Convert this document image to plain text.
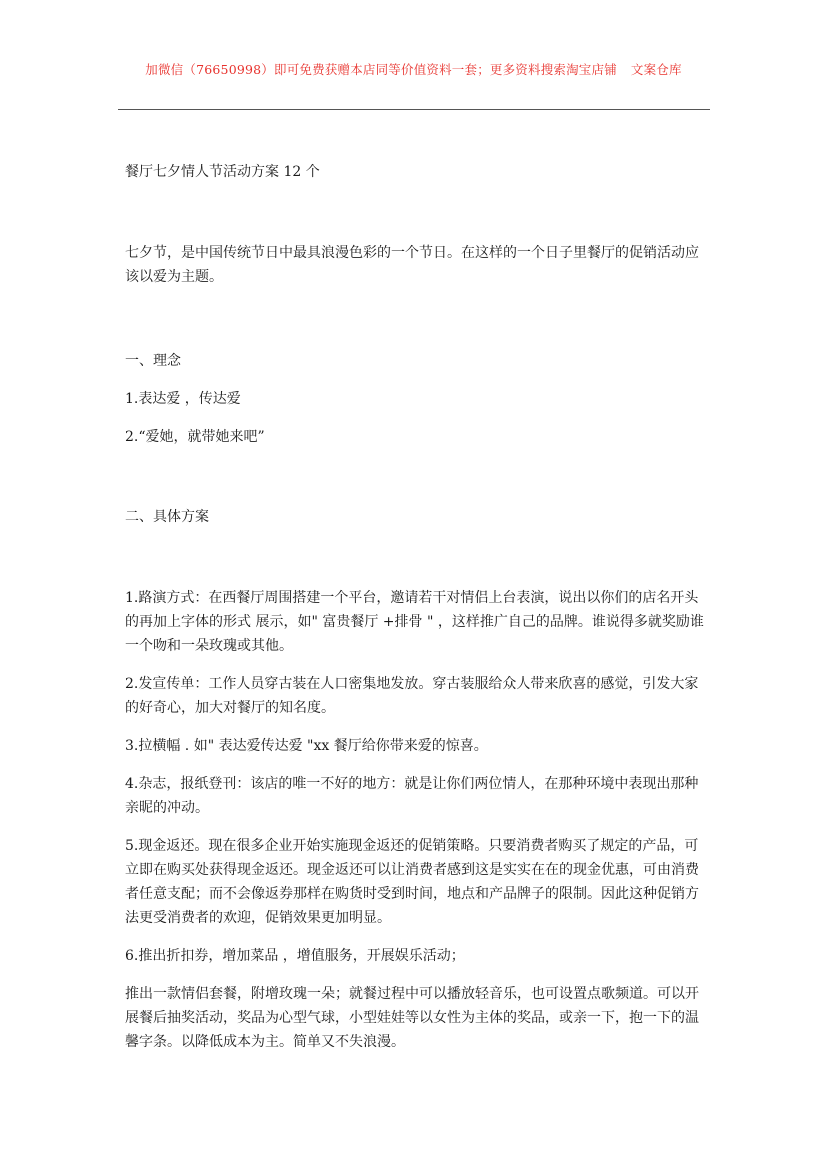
加微信（76650998）即可免费获赠本店同等价值资料一套；更多资料搜索淘宝店铺 文案仓库

餐厅七夕情人节活动方案 12 个

七夕节，是中国传统节日中最具浪漫色彩的一个节日。在这样的一个日子里餐厅的促销活动应该以爱为主题。

一、理念

1.表达爱 ，传达爱

2.“爱她，就带她来吧”

二、具体方案

1.路演方式：在西餐厅周围搭建一个平台，邀请若干对情侣上台表演，说出以你们的店名开头的再加上字体的形式 展示，如" 富贵餐厅 +排骨 " ，这样推广自己的品牌。谁说得多就奖励谁一个吻和一朵玫瑰或其他。

2.发宣传单：工作人员穿古装在人口密集地发放。穿古装服给众人带来欣喜的感觉，引发大家的好奇心，加大对餐厅的知名度。

3.拉横幅 . 如" 表达爱传达爱 "xx 餐厅给你带来爱的惊喜。

4.杂志，报纸登刊：该店的唯一不好的地方：就是让你们两位情人，在那种环境中表现出那种亲昵的冲动。

5.现金返还。现在很多企业开始实施现金返还的促销策略。只要消费者购买了规定的产品，可立即在购买处获得现金返还。现金返还可以让消费者感到这是实实在在的现金优惠，可由消费者任意支配；而不会像返券那样在购货时受到时间，地点和产品牌子的限制。因此这种促销方法更受消费者的欢迎，促销效果更加明显。

6.推出折扣券，增加菜品 ，增值服务，开展娱乐活动；

推出一款情侣套餐，附增玫瑰一朵；就餐过程中可以播放轻音乐，也可设置点歌频道。可以开展餐后抽奖活动，奖品为心型气球，小型娃娃等以女性为主体的奖品，或亲一下，抱一下的温馨字条。以降低成本为主。简单又不失浪漫。
